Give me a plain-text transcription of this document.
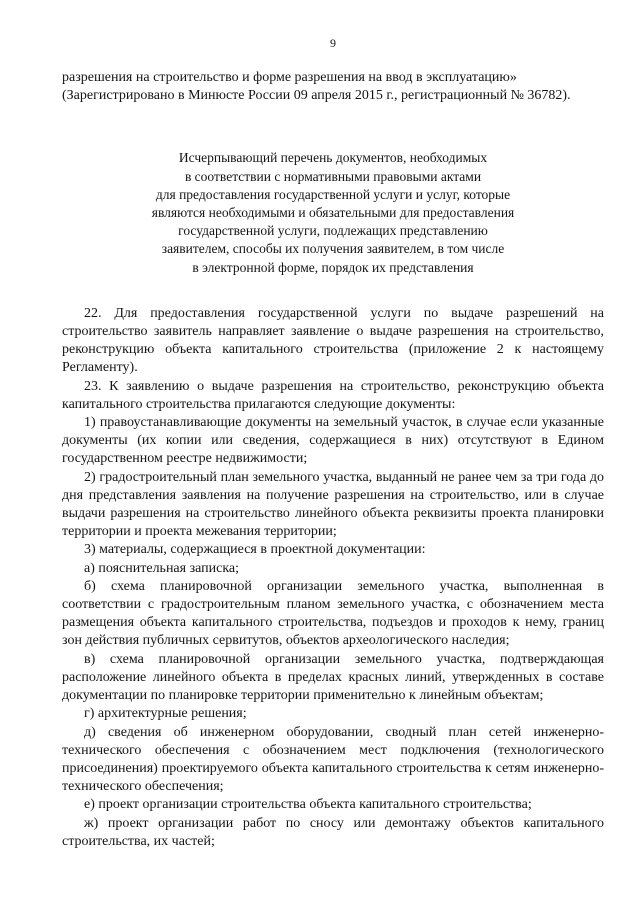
9

разрешения на строительство и форме разрешения на ввод в эксплуатацию»

(Зарегистрировано в Минюсте России 09 апреля 2015 г., регистрационный № 36782).

Исчерпывающий перечень документов, необходимых
в соответствии с нормативными правовыми актами
для предоставления государственной услуги и услуг, которые
являются необходимыми и обязательными для предоставления
государственной услуги, подлежащих представлению
заявителем, способы их получения заявителем, в том числе
в электронной форме, порядок их представления

22. Для предоставления государственной услуги по выдаче разрешений на строительство заявитель направляет заявление о выдаче разрешения на строительство, реконструкцию объекта капитального строительства (приложение 2 к настоящему Регламенту).

23. К заявлению о выдаче разрешения на строительство, реконструкцию объекта капитального строительства прилагаются следующие документы:

1) правоустанавливающие документы на земельный участок, в случае если указанные документы (их копии или сведения, содержащиеся в них) отсутствуют в Едином государственном реестре недвижимости;

2) градостроительный план земельного участка, выданный не ранее чем за три года до дня представления заявления на получение разрешения на строительство, или в случае выдачи разрешения на строительство линейного объекта реквизиты проекта планировки территории и проекта межевания территории;

3) материалы, содержащиеся в проектной документации:

а) пояснительная записка;

б) схема планировочной организации земельного участка, выполненная в соответствии с градостроительным планом земельного участка, с обозначением места размещения объекта капитального строительства, подъездов и проходов к нему, границ зон действия публичных сервитутов, объектов археологического наследия;

в) схема планировочной организации земельного участка, подтверждающая расположение линейного объекта в пределах красных линий, утвержденных в составе документации по планировке территории применительно к линейным объектам;

г) архитектурные решения;

д) сведения об инженерном оборудовании, сводный план сетей инженерно-технического обеспечения с обозначением мест подключения (технологического присоединения) проектируемого объекта капитального строительства к сетям инженерно-технического обеспечения;

е) проект организации строительства объекта капитального строительства;

ж) проект организации работ по сносу или демонтажу объектов капитального строительства, их частей;
